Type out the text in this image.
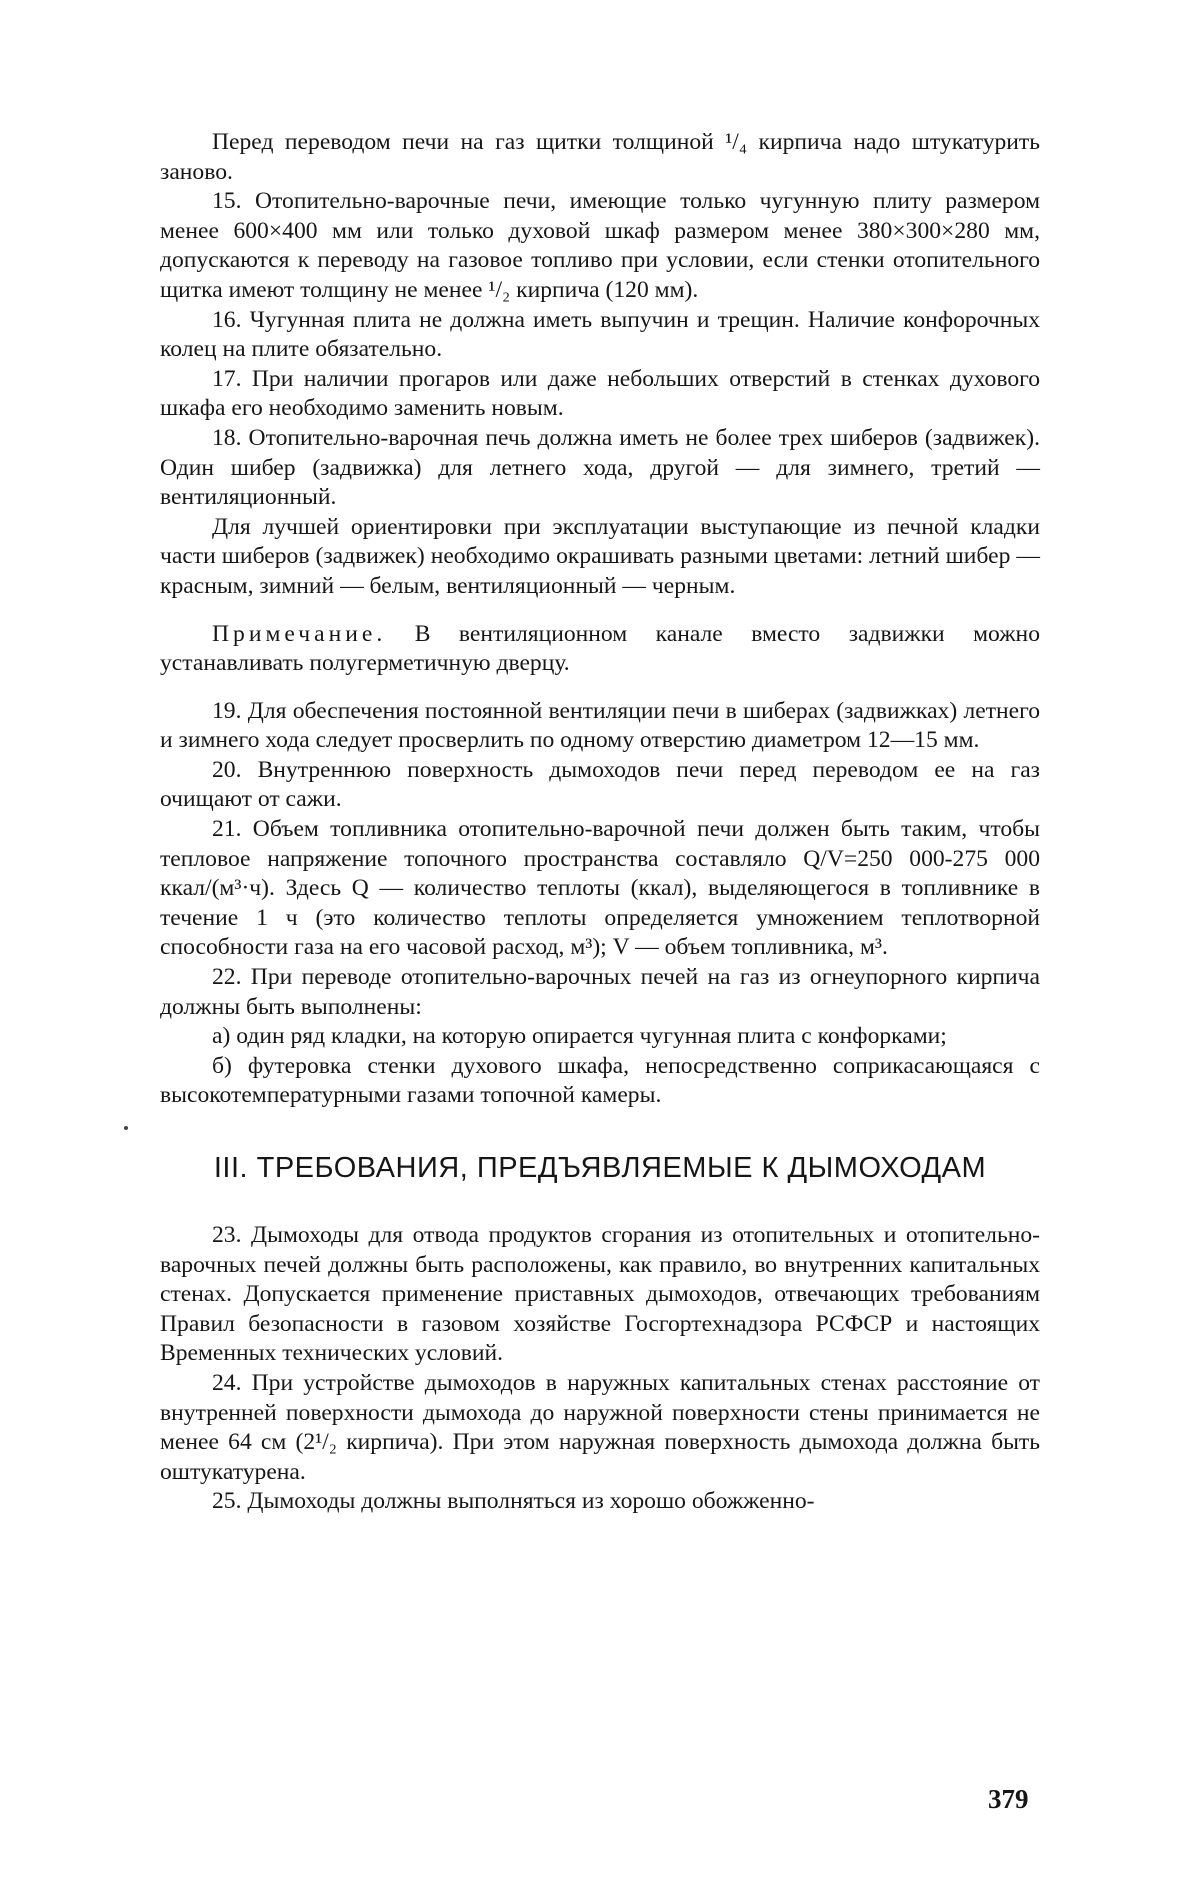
Перед переводом печи на газ щитки толщиной ¹/₄ кирпича надо штукатурить заново.

15. Отопительно-варочные печи, имеющие только чугунную плиту размером менее 600×400 мм или только духовой шкаф размером менее 380×300×280 мм, допускаются к переводу на газовое топливо при условии, если стенки отопительного щитка имеют толщину не менее ¹/₂ кирпича (120 мм).

16. Чугунная плита не должна иметь выпучин и трещин. Наличие конфорочных колец на плите обязательно.

17. При наличии прогаров или даже небольших отверстий в стенках духового шкафа его необходимо заменить новым.

18. Отопительно-варочная печь должна иметь не более трех шиберов (задвижек). Один шибер (задвижка) для летнего хода, другой — для зимнего, третий — вентиляционный.

Для лучшей ориентировки при эксплуатации выступающие из печной кладки части шиберов (задвижек) необходимо окрашивать разными цветами: летний шибер — красным, зимний — белым, вентиляционный — черным.

Примечание. В вентиляционном канале вместо задвижки можно устанавливать полугерметичную дверцу.

19. Для обеспечения постоянной вентиляции печи в шиберах (задвижках) летнего и зимнего хода следует просверлить по одному отверстию диаметром 12—15 мм.

20. Внутреннюю поверхность дымоходов печи перед переводом ее на газ очищают от сажи.

21. Объем топливника отопительно-варочной печи должен быть таким, чтобы тепловое напряжение топочного пространства составляло Q/V=250 000-275 000 ккал/(м³·ч). Здесь Q — количество теплоты (ккал), выделяющегося в топливнике в течение 1 ч (это количество теплоты определяется умножением теплотворной способности газа на его часовой расход, м³); V — объем топливника, м³.

22. При переводе отопительно-варочных печей на газ из огнеупорного кирпича должны быть выполнены:

а) один ряд кладки, на которую опирается чугунная плита с конфорками;

б) футеровка стенки духового шкафа, непосредственно соприкасающаяся с высокотемпературными газами топочной камеры.

III. ТРЕБОВАНИЯ, ПРЕДЪЯВЛЯЕМЫЕ К ДЫМОХОДАМ

23. Дымоходы для отвода продуктов сгорания из отопительных и отопительно-варочных печей должны быть расположены, как правило, во внутренних капитальных стенах. Допускается применение приставных дымоходов, отвечающих требованиям Правил безопасности в газовом хозяйстве Госгортехнадзора РСФСР и настоящих Временных технических условий.

24. При устройстве дымоходов в наружных капитальных стенах расстояние от внутренней поверхности дымохода до наружной поверхности стены принимается не менее 64 см (2¹/₂ кирпича). При этом наружная поверхность дымохода должна быть оштукатурена.

25. Дымоходы должны выполняться из хорошо обожженно-

379
